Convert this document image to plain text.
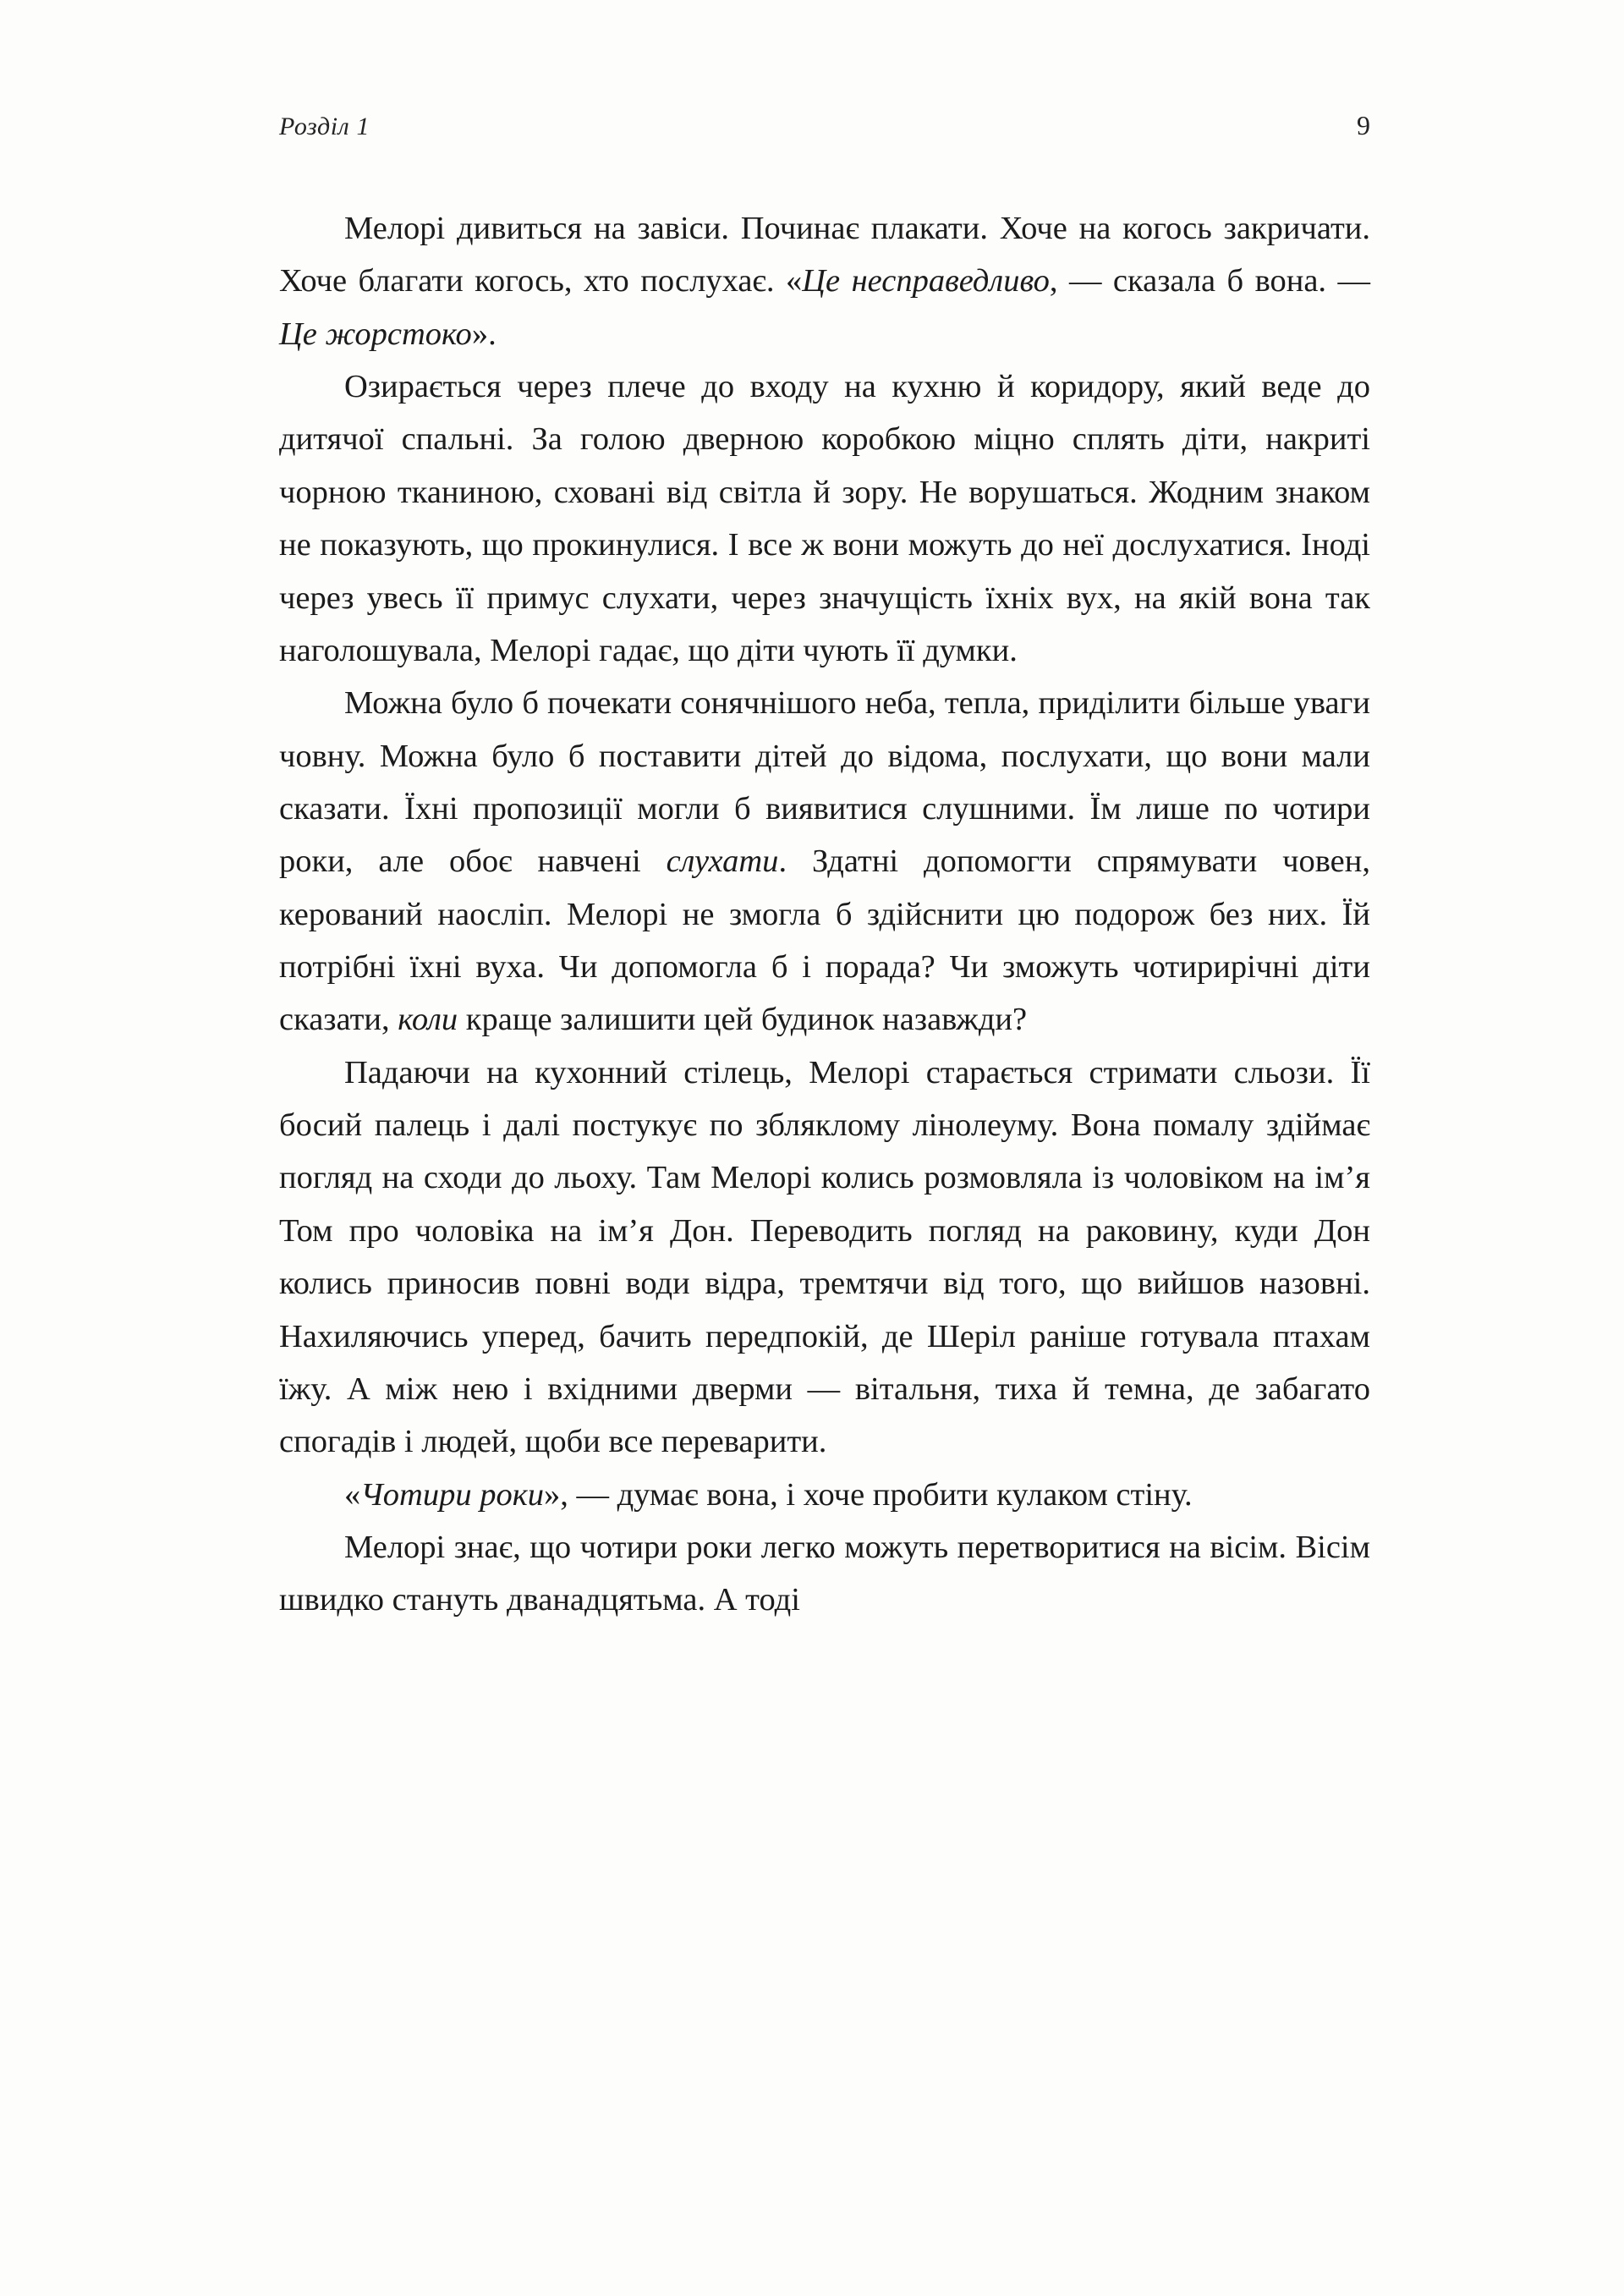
Розділ 1	9

Мелорі дивиться на завіси. Починає плакати. Хоче на когось закричати. Хоче благати когось, хто послухає. «Це несправедливо, — сказала б вона. — Це жорстоко».

Озирається через плече до входу на кухню й коридору, який веде до дитячої спальні. За голою дверною коробкою міцно сплять діти, накриті чорною тканиною, сховані від світла й зору. Не ворушаться. Жодним знаком не показують, що прокинулися. І все ж вони можуть до неї дослухатися. Іноді через увесь її примус слухати, через значущість їхніх вух, на якій вона так наголошувала, Мелорі гадає, що діти чують її думки.

Можна було б почекати сонячнішого неба, тепла, приділити більше уваги човну. Можна було б поставити дітей до відома, послухати, що вони мали сказати. Їхні пропозиції могли б виявитися слушними. Їм лише по чотири роки, але обоє навчені слухати. Здатні допомогти спрямувати човен, керований наосліп. Мелорі не змогла б здійснити цю подорож без них. Їй потрібні їхні вуха. Чи допомогла б і порада? Чи зможуть чотирирічні діти сказати, коли краще залишити цей будинок назавжди?

Падаючи на кухонний стілець, Мелорі старається стримати сльози. Її босий палець і далі постукує по збляклому лінолеуму. Вона помалу здіймає погляд на сходи до льоху. Там Мелорі колись розмовляла із чоловіком на ім’я Том про чоловіка на ім’я Дон. Переводить погляд на раковину, куди Дон колись приносив повні води відра, тремтячи від того, що вийшов назовні. Нахиляючись уперед, бачить передпокій, де Шеріл раніше готувала птахам їжу. А між нею і вхідними дверми — вітальня, тиха й темна, де забагато спогадів і людей, щоби все переварити.

«Чотири роки», — думає вона, і хоче пробити кулаком стіну.

Мелорі знає, що чотири роки легко можуть перетворитися на вісім. Вісім швидко стануть дванадцятьма. А тоді
